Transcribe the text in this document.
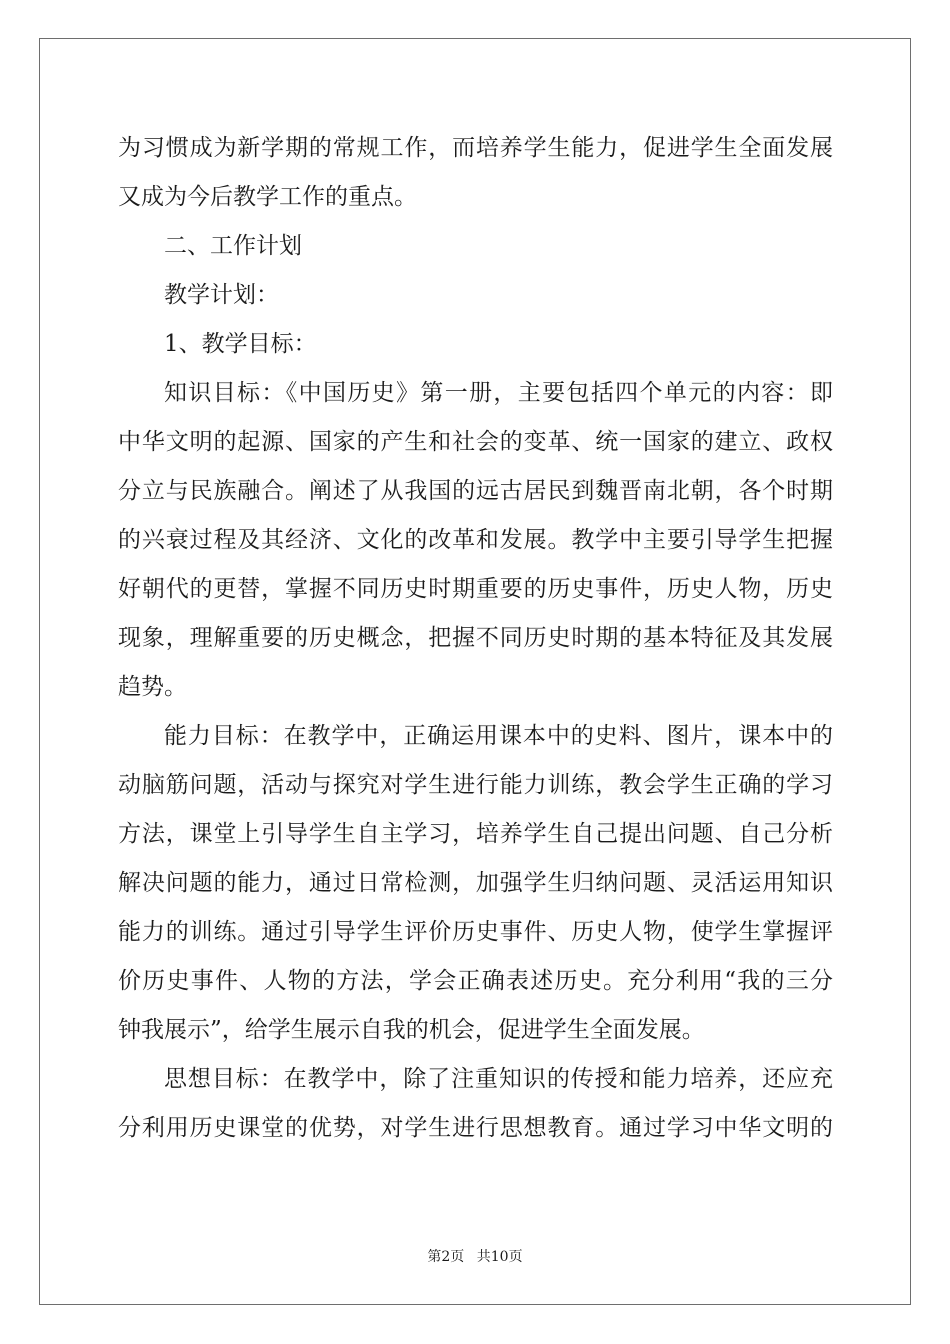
为习惯成为新学期的常规工作，而培养学生能力，促进学生全面发展
又成为今后教学工作的重点。
二、工作计划
教学计划：
1、教学目标：
知识目标：《中国历史》第一册，主要包括四个单元的内容：即
中华文明的起源、国家的产生和社会的变革、统一国家的建立、政权
分立与民族融合。阐述了从我国的远古居民到魏晋南北朝，各个时期
的兴衰过程及其经济、文化的改革和发展。教学中主要引导学生把握
好朝代的更替，掌握不同历史时期重要的历史事件，历史人物，历史
现象，理解重要的历史概念，把握不同历史时期的基本特征及其发展
趋势。
能力目标：在教学中，正确运用课本中的史料、图片，课本中的
动脑筋问题，活动与探究对学生进行能力训练，教会学生正确的学习
方法，课堂上引导学生自主学习，培养学生自己提出问题、自己分析
解决问题的能力，通过日常检测，加强学生归纳问题、灵活运用知识
能力的训练。通过引导学生评价历史事件、历史人物，使学生掌握评
价历史事件、人物的方法，学会正确表述历史。充分利用“我的三分
钟我展示”，给学生展示自我的机会，促进学生全面发展。
思想目标：在教学中，除了注重知识的传授和能力培养，还应充
分利用历史课堂的优势，对学生进行思想教育。通过学习中华文明的
第2页 共10页
